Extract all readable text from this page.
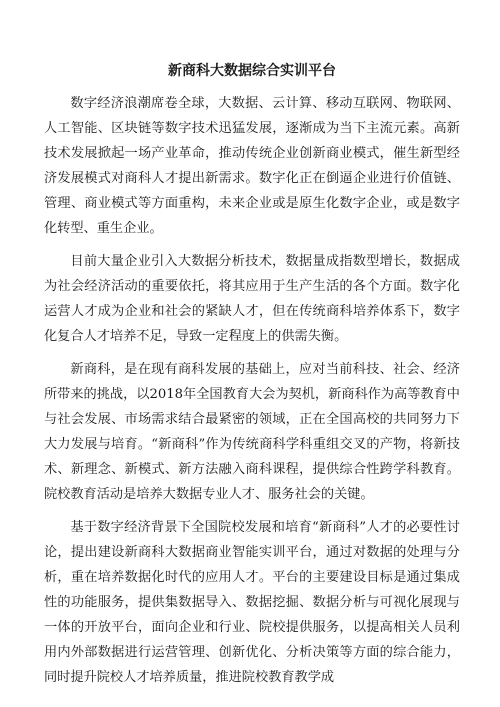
新商科大数据综合实训平台

数字经济浪潮席卷全球，大数据、云计算、移动互联网、物联网、人工智能、区块链等数字技术迅猛发展，逐渐成为当下主流元素。高新技术发展掀起一场产业革命，推动传统企业创新商业模式，催生新型经济发展模式对商科人才提出新需求。数字化正在倒逼企业进行价值链、管理、商业模式等方面重构，未来企业或是原生化数字企业，或是数字化转型、重生企业。

目前大量企业引入大数据分析技术，数据量成指数型增长，数据成为社会经济活动的重要依托，将其应用于生产生活的各个方面。数字化运营人才成为企业和社会的紧缺人才，但在传统商科培养体系下，数字化复合人才培养不足，导致一定程度上的供需失衡。

新商科，是在现有商科发展的基础上，应对当前科技、社会、经济所带来的挑战，以2018年全国教育大会为契机，新商科作为高等教育中与社会发展、市场需求结合最紧密的领域，正在全国高校的共同努力下大力发展与培育。“新商科”作为传统商科学科重组交叉的产物，将新技术、新理念、新模式、新方法融入商科课程，提供综合性跨学科教育。院校教育活动是培养大数据专业人才、服务社会的关键。

基于数字经济背景下全国院校发展和培育“新商科”人才的必要性讨论，提出建设新商科大数据商业智能实训平台，通过对数据的处理与分析，重在培养数据化时代的应用人才。平台的主要建设目标是通过集成性的功能服务，提供集数据导入、数据挖掘、数据分析与可视化展现与一体的开放平台，面向企业和行业、院校提供服务，以提高相关人员利用内外部数据进行运营管理、创新优化、分析决策等方面的综合能力，同时提升院校人才培养质量，推进院校教育教学成
